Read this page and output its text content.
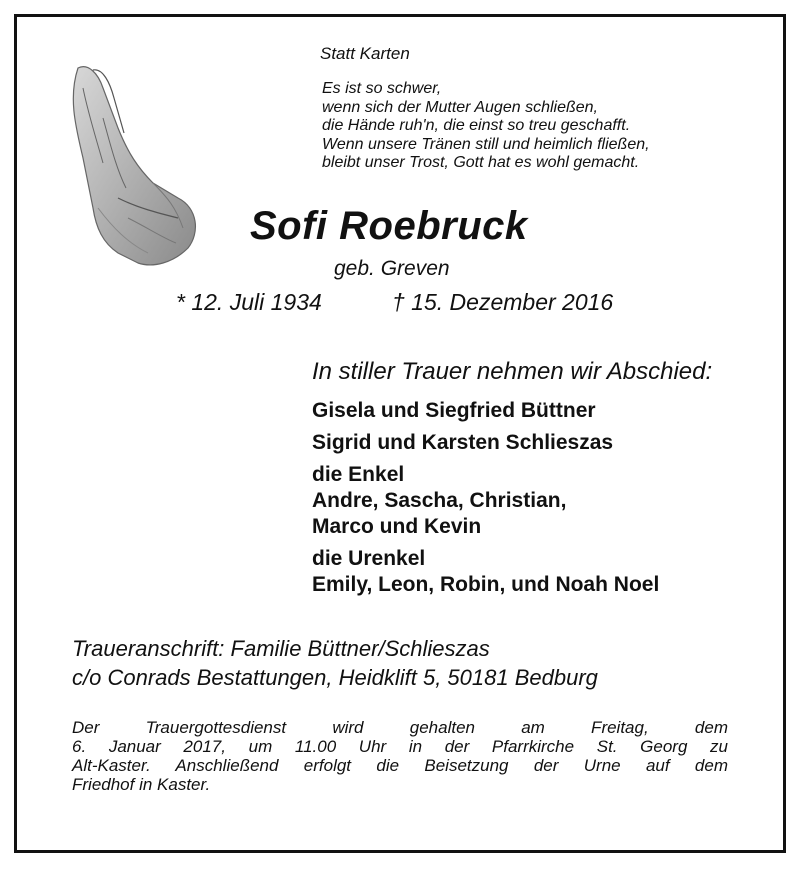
Statt Karten
Es ist so schwer,
wenn sich der Mutter Augen schließen,
die Hände ruh'n, die einst so treu geschafft.
Wenn unsere Tränen still und heimlich fließen,
bleibt unser Trost, Gott hat es wohl gemacht.
Sofi Roebruck
geb. Greven
* 12. Juli 1934	† 15. Dezember 2016
In stiller Trauer nehmen wir Abschied:
Gisela und Siegfried Büttner
Sigrid und Karsten Schlieszas
die Enkel
Andre, Sascha, Christian,
Marco und Kevin
die Urenkel
Emily, Leon, Robin, und Noah Noel
Traueranschrift: Familie Büttner/Schlieszas
c/o Conrads Bestattungen, Heidklift 5, 50181 Bedburg
Der Trauergottesdienst wird gehalten am Freitag, dem
6. Januar 2017, um 11.00 Uhr in der Pfarrkirche St. Georg zu
Alt-Kaster. Anschließend erfolgt die Beisetzung der Urne auf dem
Friedhof in Kaster.
